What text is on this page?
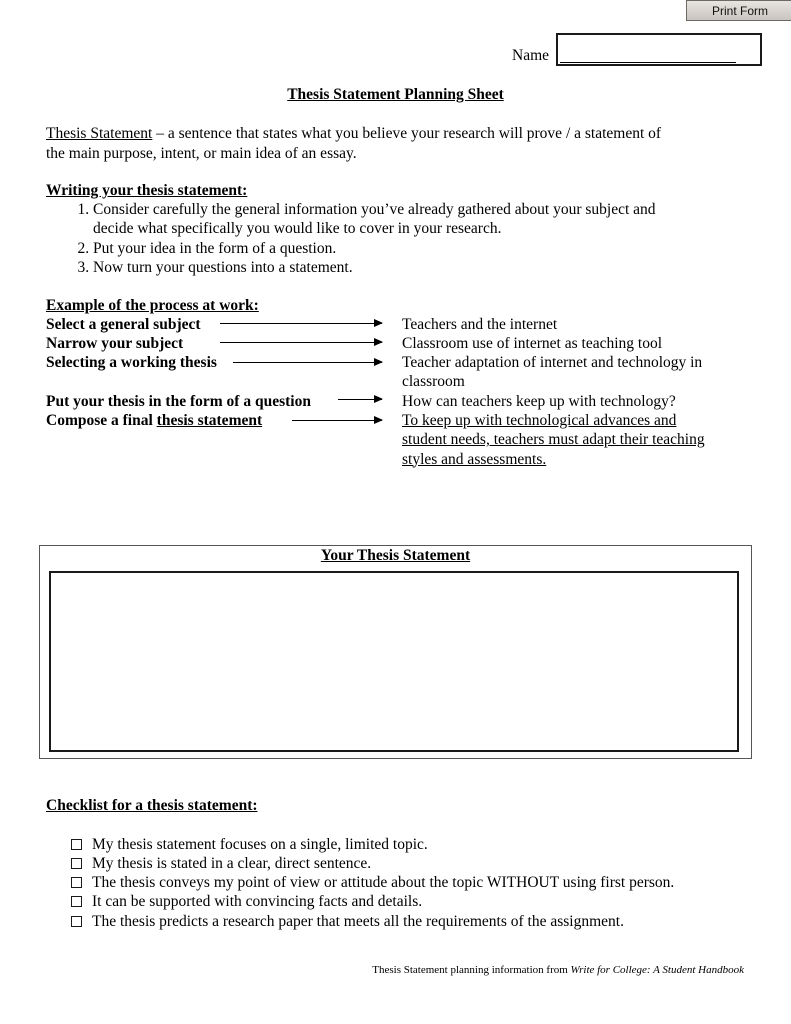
Print Form
Name
Thesis Statement Planning Sheet
Thesis Statement – a sentence that states what you believe your research will prove / a statement of
the main purpose, intent, or main idea of an essay.
Writing your thesis statement:
1. Consider carefully the general information you’ve already gathered about your subject and
decide what specifically you would like to cover in your research.
2. Put your idea in the form of a question.
3. Now turn your questions into a statement.
Example of the process at work:
Select a general subject	Teachers and the internet
Narrow your subject	Classroom use of internet as teaching tool
Selecting a working thesis	Teacher adaptation of internet and technology in
classroom
Put your thesis in the form of a question	How can teachers keep up with technology?
Compose a final thesis statement	To keep up with technological advances and
student needs, teachers must adapt their teaching
styles and assessments.
Your Thesis Statement
Checklist for a thesis statement:
My thesis statement focuses on a single, limited topic.
My thesis is stated in a clear, direct sentence.
The thesis conveys my point of view or attitude about the topic WITHOUT using first person.
It can be supported with convincing facts and details.
The thesis predicts a research paper that meets all the requirements of the assignment.
Thesis Statement planning information from Write for College: A Student Handbook
